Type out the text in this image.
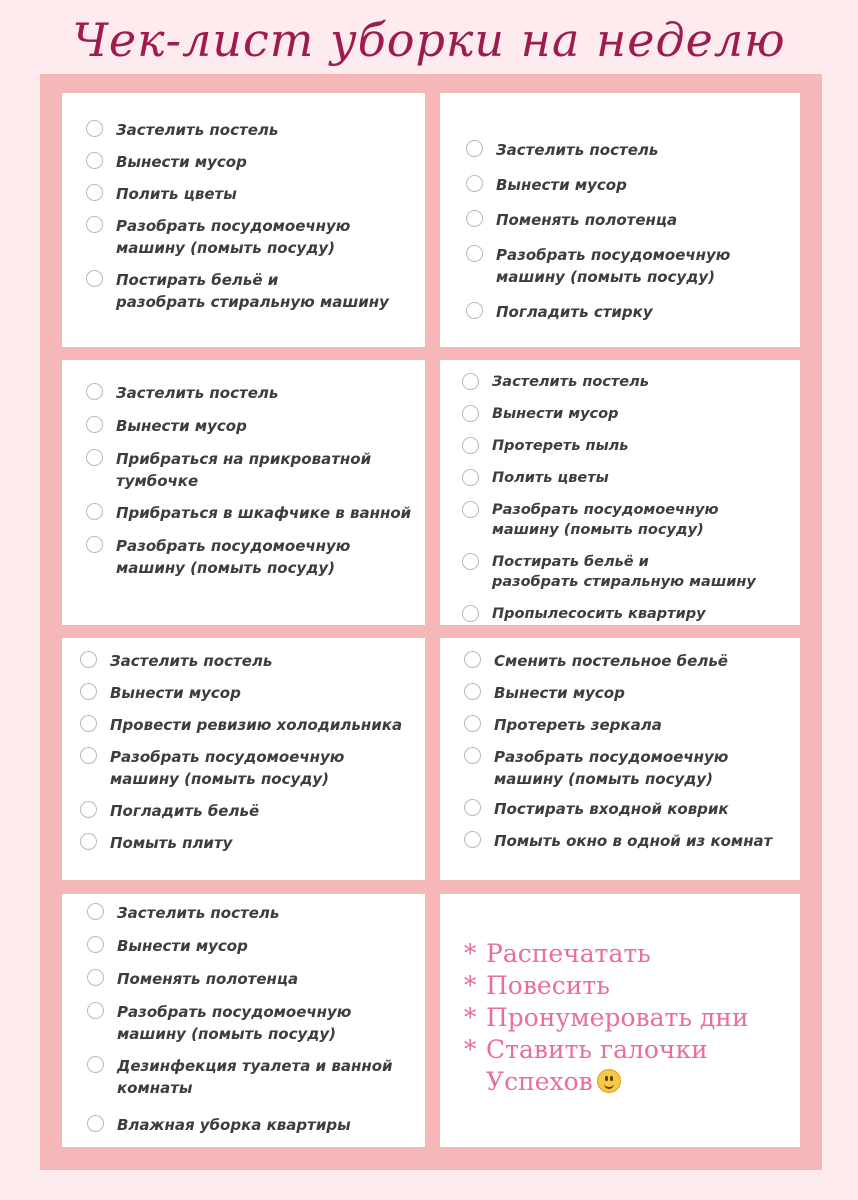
Чек-лист уборки на неделю
Застелить постель
Вынести мусор
Полить цветы
Разобрать посудомоечную
машину (помыть посуду)
Постирать бельё и
разобрать стиральную машину
Застелить постель
Вынести мусор
Поменять полотенца
Разобрать посудомоечную
машину (помыть посуду)
Погладить стирку
Застелить постель
Вынести мусор
Прибраться на прикроватной
тумбочке
Прибраться в шкафчике в ванной
Разобрать посудомоечную
машину (помыть посуду)
Застелить постель
Вынести мусор
Протереть пыль
Полить цветы
Разобрать посудомоечную
машину (помыть посуду)
Постирать бельё и
разобрать стиральную машину
Пропылесосить квартиру
Застелить постель
Вынести мусор
Провести ревизию холодильника
Разобрать посудомоечную
машину (помыть посуду)
Погладить бельё
Помыть плиту
Сменить постельное бельё
Вынести мусор
Протереть зеркала
Разобрать посудомоечную
машину (помыть посуду)
Постирать входной коврик
Помыть окно в одной из комнат
Застелить постель
Вынести мусор
Поменять полотенца
Разобрать посудомоечную
машину (помыть посуду)
Дезинфекция туалета и ванной
комнаты
Влажная уборка квартиры
* Распечатать
* Повесить
* Пронумеровать дни
* Ставить галочки
Успехов
